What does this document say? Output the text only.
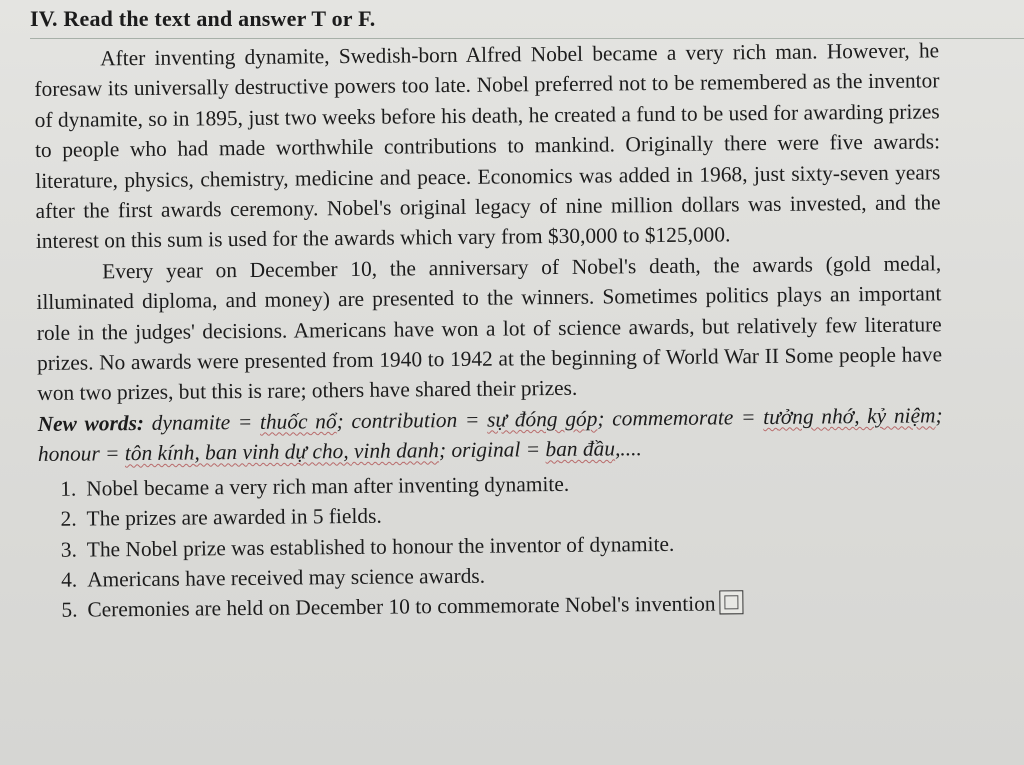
IV. Read the text and answer T or F.

After inventing dynamite, Swedish-born Alfred Nobel became a very rich man. However, he foresaw its universally destructive powers too late. Nobel preferred not to be remembered as the inventor of dynamite, so in 1895, just two weeks before his death, he created a fund to be used for awarding prizes to people who had made worthwhile contributions to mankind. Originally there were five awards: literature, physics, chemistry, medicine and peace. Economics was added in 1968, just sixty-seven years after the first awards ceremony. Nobel's original legacy of nine million dollars was invested, and the interest on this sum is used for the awards which vary from $30,000 to $125,000.

Every year on December 10, the anniversary of Nobel's death, the awards (gold medal, illuminated diploma, and money) are presented to the winners. Sometimes politics plays an important role in the judges' decisions. Americans have won a lot of science awards, but relatively few literature prizes. No awards were presented from 1940 to 1942 at the beginning of World War II Some people have won two prizes, but this is rare; others have shared their prizes.

New words: dynamite = thuốc nổ; contribution = sự đóng góp; commemorate = tưởng nhớ, kỷ niệm; honour = tôn kính, ban vinh dự cho, vinh danh; original = ban đầu,....

1. Nobel became a very rich man after inventing dynamite.
2. The prizes are awarded in 5 fields.
3. The Nobel prize was established to honour the inventor of dynamite.
4. Americans have received may science awards.
5. Ceremonies are held on December 10 to commemorate Nobel's invention
